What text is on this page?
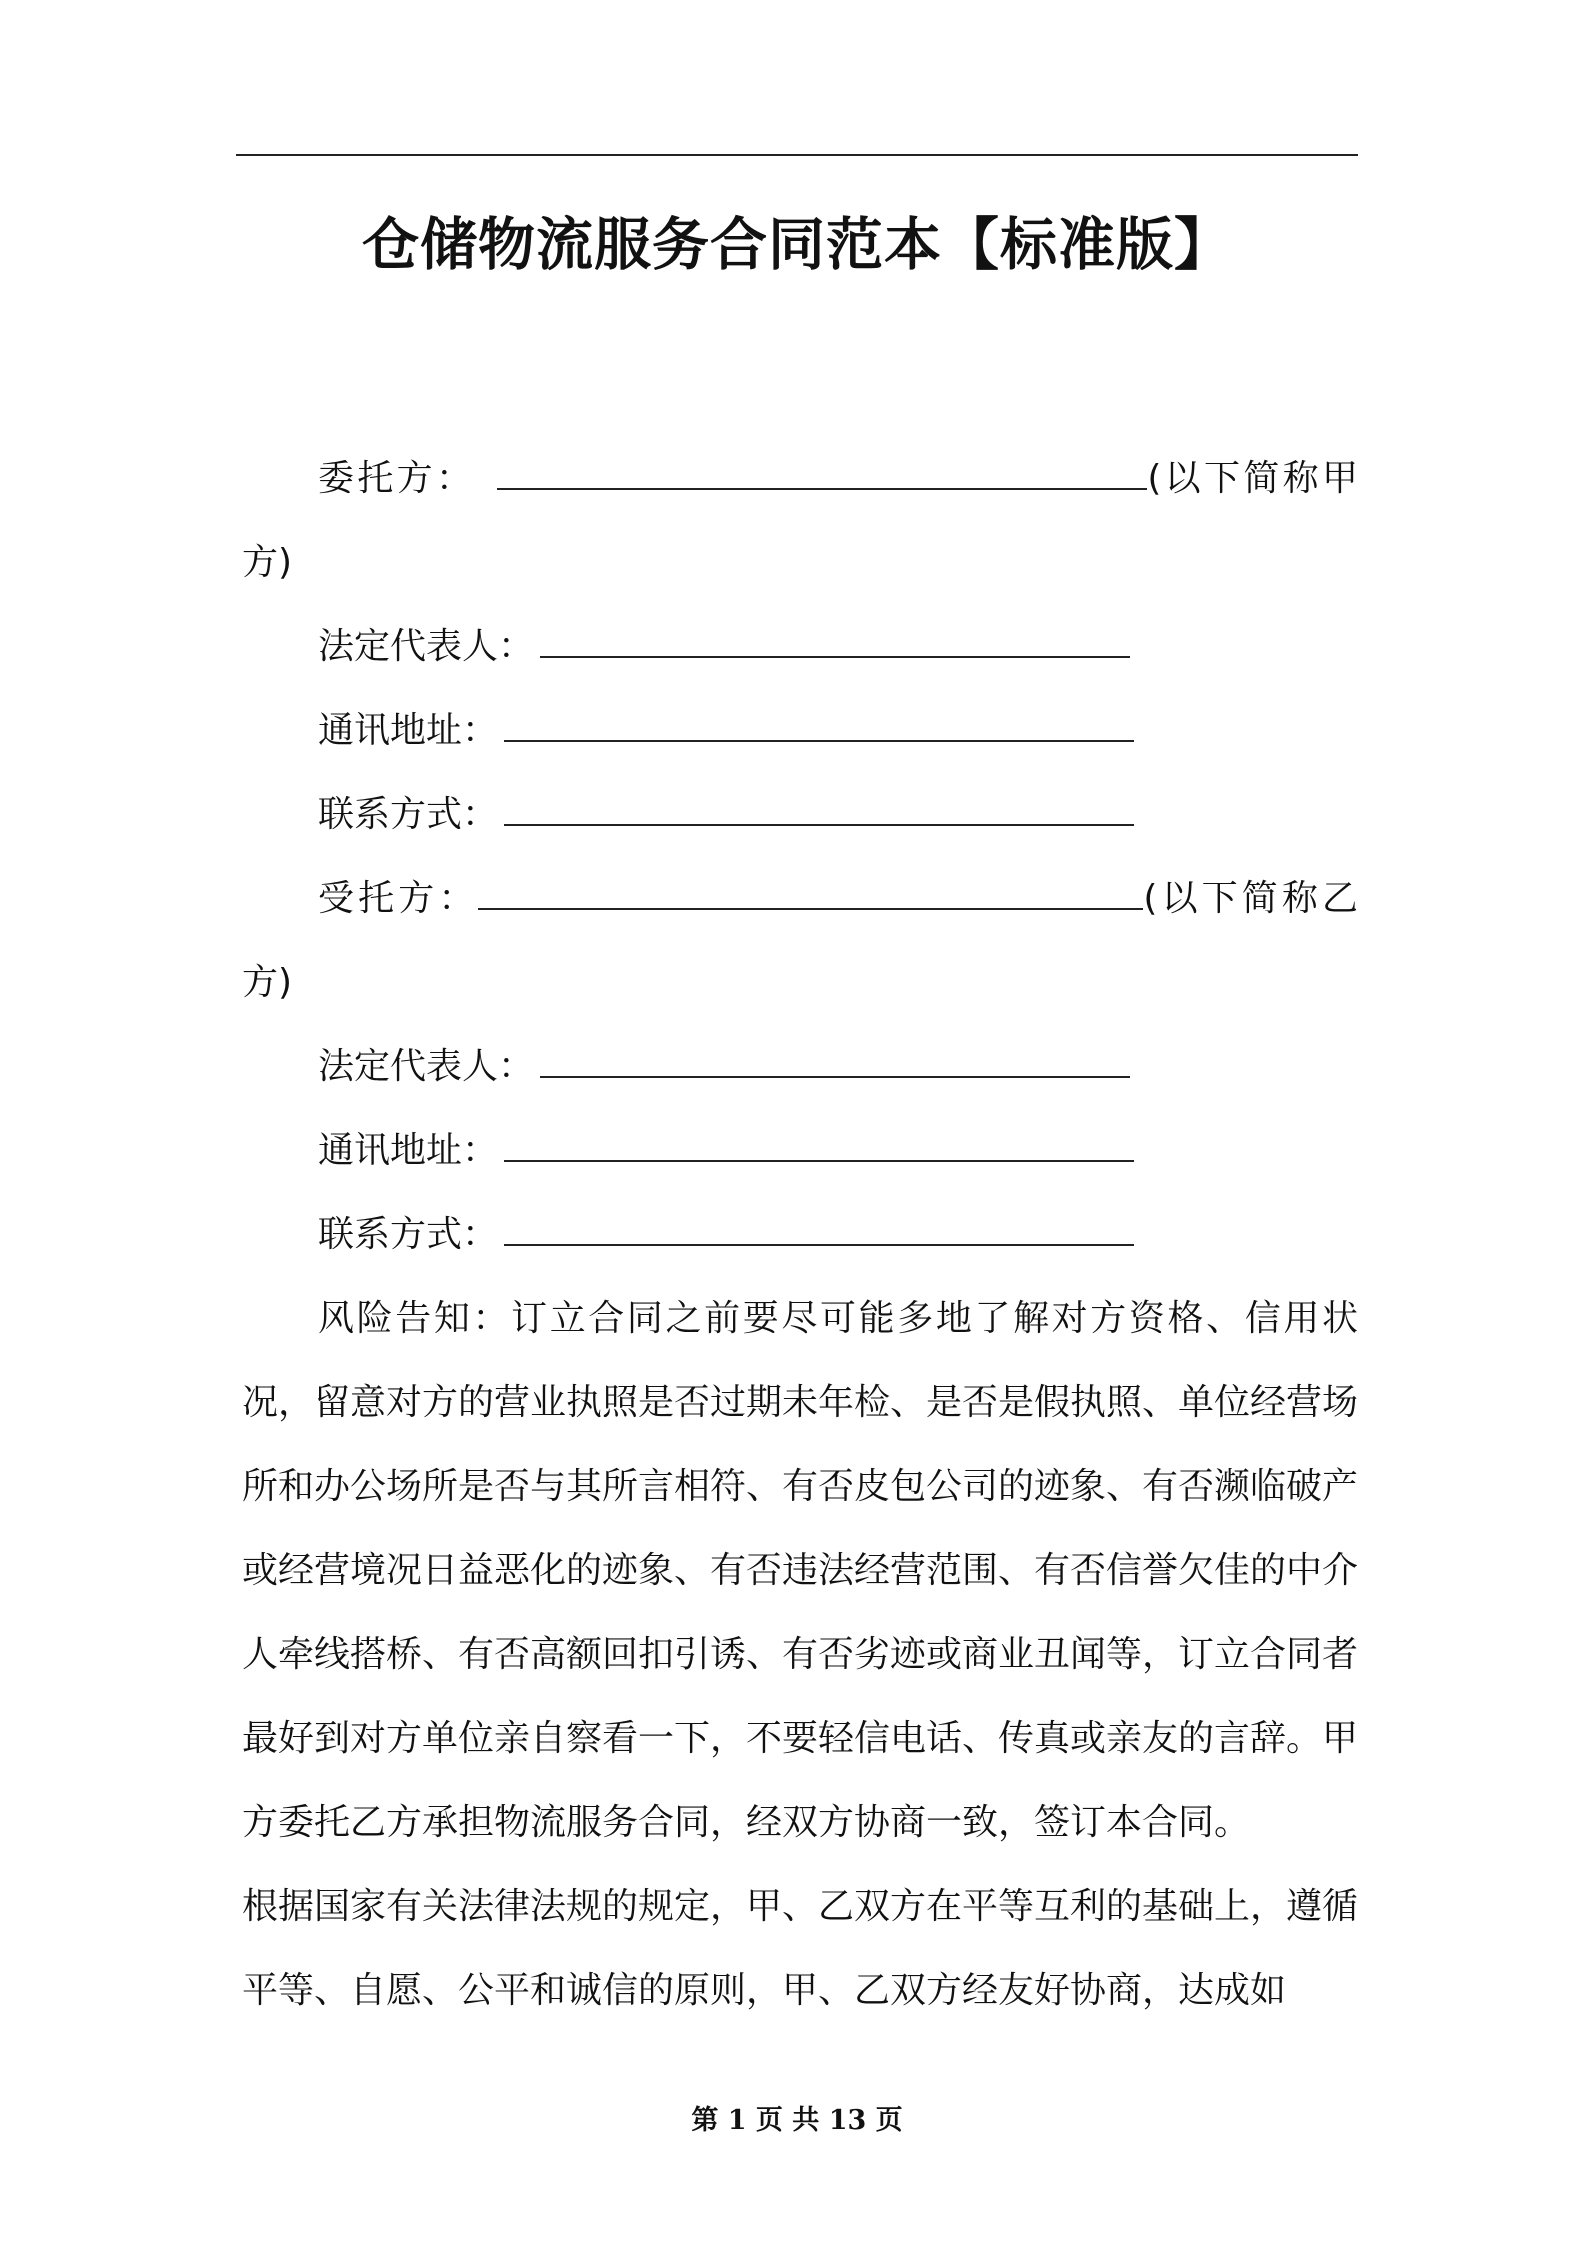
仓储物流服务合同范本【标准版】

委托方：	(以下简称甲方)

法定代表人：

通讯地址：

联系方式：

受托方：	(以下简称乙方)

法定代表人：

通讯地址：

联系方式：

风险告知：订立合同之前要尽可能多地了解对方资格、信用状况，留意对方的营业执照是否过期未年检、是否是假执照、单位经营场所和办公场所是否与其所言相符、有否皮包公司的迹象、有否濒临破产或经营境况日益恶化的迹象、有否违法经营范围、有否信誉欠佳的中介人牵线搭桥、有否高额回扣引诱、有否劣迹或商业丑闻等，订立合同者最好到对方单位亲自察看一下，不要轻信电话、传真或亲友的言辞。甲方委托乙方承担物流服务合同，经双方协商一致，签订本合同。

根据国家有关法律法规的规定，甲、乙双方在平等互利的基础上，遵循平等、自愿、公平和诚信的原则，甲、乙双方经友好协商，达成如

第 1 页 共 13 页
